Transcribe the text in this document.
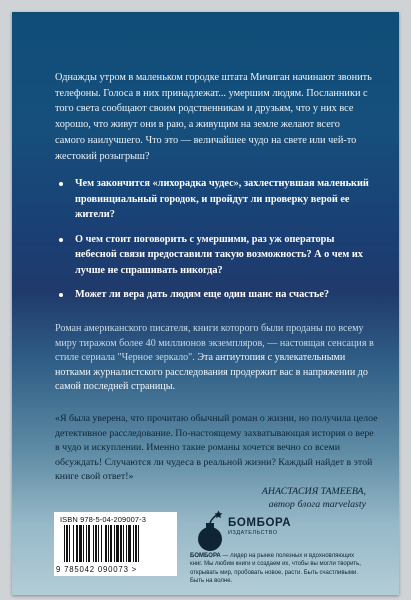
Однажды утром в маленьком городке штата Мичиган начинают звонить телефоны. Голоса в них принадлежат... умершим людям. Посланники с того света сообщают своим родственникам и друзьям, что у них все хорошо, что живут они в раю, а живущим на земле желают всего самого наилучшего. Что это — величайшее чудо на свете или чей-то жестокий розыгрыш?
Чем закончится «лихорадка чудес», захлестнувшая маленький провинциальный городок, и пройдут ли проверку верой ее жители?
О чем стоит поговорить с умершими, раз уж операторы небесной связи предоставили такую возможность? А о чем их лучше не спрашивать никогда?
Может ли вера дать людям еще один шанс на счастье?
Роман американского писателя, книги которого были проданы по всему миру тиражом более 40 миллионов экземпляров, — настоящая сенсация в стиле сериала "Черное зеркало". Эта антиутопия с увлекательными нотками журналистского расследования продержит вас в напряжении до самой последней страницы.
«Я была уверена, что прочитаю обычный роман о жизни, но получила целое детективное расследование. По-настоящему захватывающая история о вере в чудо и искуплении. Именно такие романы хочется вечно со всеми обсуждать! Случаются ли чудеса в реальной жизни? Каждый найдет в этой книге свой ответ!»
АНАСТАСИЯ ТАМЕЕВА,
автор блога marvelasty
ISBN 978-5-04-209007-3
9 785042 090073 >
БОМБОРА
ИЗДАТЕЛЬСТВО
БОМБОРА — лидер на рынке полезных и вдохновляющих книг. Мы любим книги и создаем их, чтобы вы могли творить, открывать мир, пробовать новое, расти. Быть счастливыми. Быть на волне.
